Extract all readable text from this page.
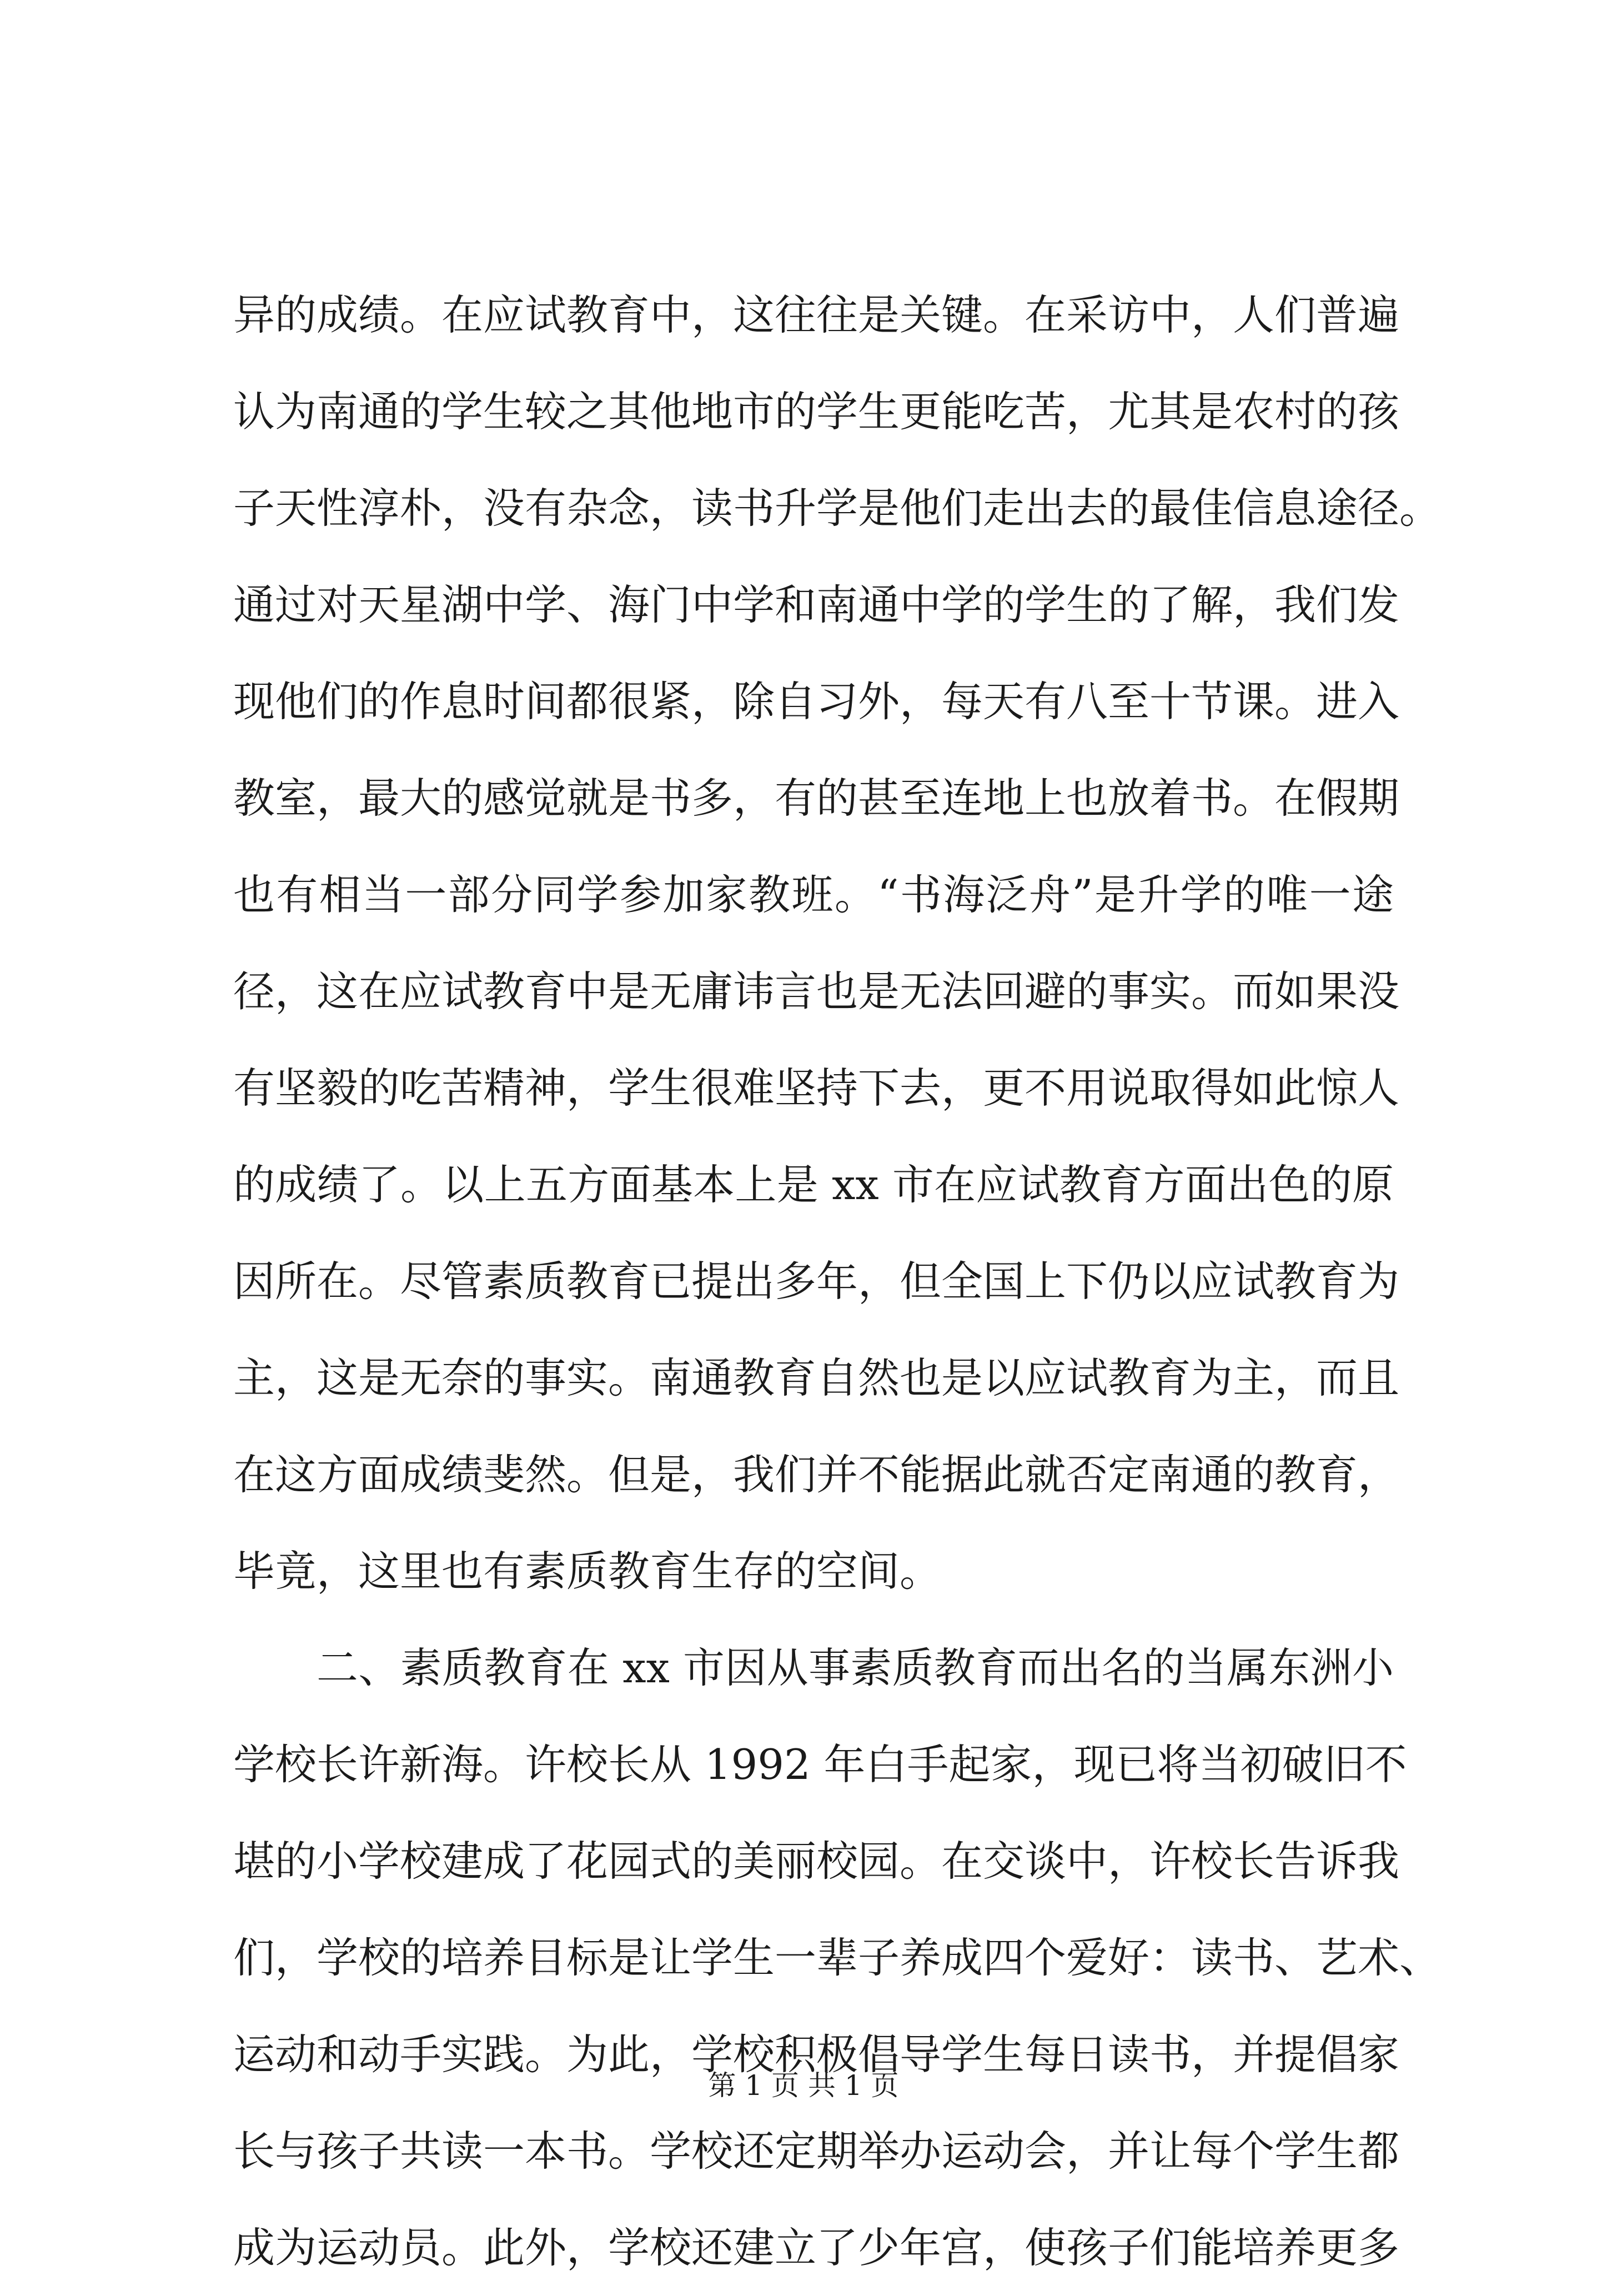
异的成绩。在应试教育中，这往往是关键。在采访中，人们普遍
认为南通的学生较之其他地市的学生更能吃苦，尤其是农村的孩
子天性淳朴，没有杂念，读书升学是他们走出去的最佳信息途径。
通过对天星湖中学、海门中学和南通中学的学生的了解，我们发
现他们的作息时间都很紧，除自习外，每天有八至十节课。进入
教室，最大的感觉就是书多，有的甚至连地上也放着书。在假期
也有相当一部分同学参加家教班。“书海泛舟”是升学的唯一途
径，这在应试教育中是无庸讳言也是无法回避的事实。而如果没
有坚毅的吃苦精神，学生很难坚持下去，更不用说取得如此惊人
的成绩了。以上五方面基本上是 xx 市在应试教育方面出色的原
因所在。尽管素质教育已提出多年，但全国上下仍以应试教育为
主，这是无奈的事实。南通教育自然也是以应试教育为主，而且
在这方面成绩斐然。但是，我们并不能据此就否定南通的教育，
毕竟，这里也有素质教育生存的空间。
二、素质教育在 xx 市因从事素质教育而出名的当属东洲小
学校长许新海。许校长从 1992 年白手起家，现已将当初破旧不
堪的小学校建成了花园式的美丽校园。在交谈中，许校长告诉我
们，学校的培养目标是让学生一辈子养成四个爱好：读书、艺术、
运动和动手实践。为此，学校积极倡导学生每日读书，并提倡家
长与孩子共读一本书。学校还定期举办运动会，并让每个学生都
成为运动员。此外，学校还建立了少年宫，使孩子们能培养更多
第 1 页 共 1 页
